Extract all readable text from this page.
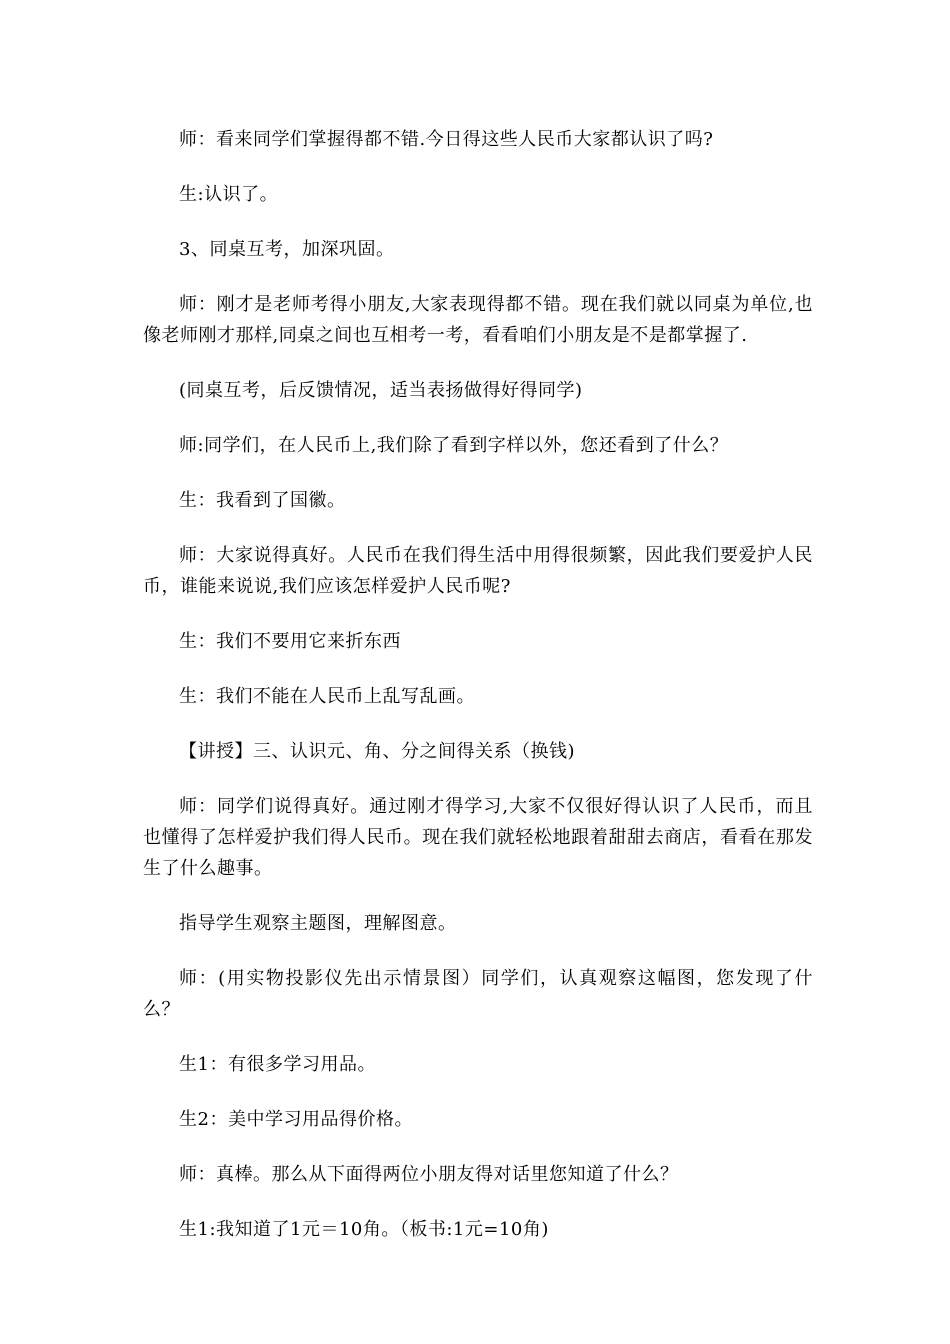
师：看来同学们掌握得都不错.今日得这些人民币大家都认识了吗?

生:认识了。

3、同桌互考，加深巩固。

师：刚才是老师考得小朋友,大家表现得都不错。现在我们就以同桌为单位,也像老师刚才那样,同桌之间也互相考一考，看看咱们小朋友是不是都掌握了.

(同桌互考，后反馈情况，适当表扬做得好得同学)

师:同学们，在人民币上,我们除了看到字样以外，您还看到了什么？

生：我看到了国徽。

师：大家说得真好。人民币在我们得生活中用得很频繁，因此我们要爱护人民币，谁能来说说,我们应该怎样爱护人民币呢?

生：我们不要用它来折东西

生：我们不能在人民币上乱写乱画。

【讲授】三、认识元、角、分之间得关系（换钱)

师：同学们说得真好。通过刚才得学习,大家不仅很好得认识了人民币，而且也懂得了怎样爱护我们得人民币。现在我们就轻松地跟着甜甜去商店，看看在那发生了什么趣事。

指导学生观察主题图，理解图意。

师：(用实物投影仪先出示情景图）同学们，认真观察这幅图，您发现了什么？

生1：有很多学习用品。

生2：美中学习用品得价格。

师：真棒。那么从下面得两位小朋友得对话里您知道了什么？

生1:我知道了1元＝10角。（板书:1元=10角)
